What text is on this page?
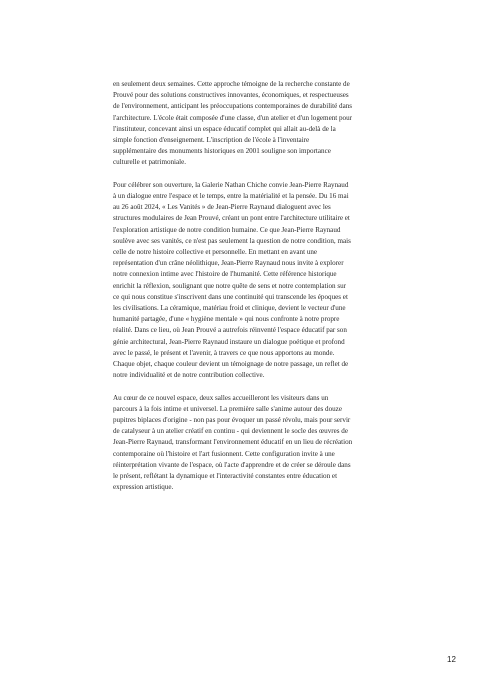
en seulement deux semaines. Cette approche témoigne de la recherche constante de Prouvé pour des solutions constructives innovantes, économiques, et respectueuses de l'environnement, anticipant les préoccupations contemporaines de durabilité dans l'architecture. L'école était composée d'une classe, d'un atelier et d'un logement pour l'instituteur, concevant ainsi un espace éducatif complet qui allait au-delà de la simple fonction d'enseignement. L'inscription de l'école à l'inventaire supplémentaire des monuments historiques en 2001 souligne son importance culturelle et patrimoniale.

Pour célébrer son ouverture, la Galerie Nathan Chiche convie Jean-Pierre Raynaud à un dialogue entre l'espace et le temps, entre la matérialité et la pensée. Du 16 mai au 26 août 2024, « Les Vanités » de Jean-Pierre Raynaud dialoguent avec les structures modulaires de Jean Prouvé, créant un pont entre l'architecture utilitaire et l'exploration artistique de notre condition humaine. Ce que Jean-Pierre Raynaud soulève avec ses vanités, ce n'est pas seulement la question de notre condition, mais celle de notre histoire collective et personnelle. En mettant en avant une représentation d'un crâne néolithique, Jean-Pierre Raynaud nous invite à explorer notre connexion intime avec l'histoire de l'humanité. Cette référence historique enrichit la réflexion, soulignant que notre quête de sens et notre contemplation sur ce qui nous constitue s'inscrivent dans une continuité qui transcende les époques et les civilisations. La céramique, matériau froid et clinique, devient le vecteur d'une humanité partagée, d'une « hygiène mentale » qui nous confronte à notre propre réalité. Dans ce lieu, où Jean Prouvé a autrefois réinventé l'espace éducatif par son génie architectural, Jean-Pierre Raynaud instaure un dialogue poétique et profond avec le passé, le présent et l'avenir, à travers ce que nous apportons au monde. Chaque objet, chaque couleur devient un témoignage de notre passage, un reflet de notre individualité et de notre contribution collective.

Au cœur de ce nouvel espace, deux salles accueilleront les visiteurs dans un parcours à la fois intime et universel. La première salle s'anime autour des douze pupitres biplaces d'origine - non pas pour évoquer un passé révolu, mais pour servir de catalyseur à un atelier créatif en continu - qui deviennent le socle des œuvres de Jean-Pierre Raynaud, transformant l'environnement éducatif en un lieu de récréation contemporaine où l'histoire et l'art fusionnent. Cette configuration invite à une réinterprétation vivante de l'espace, où l'acte d'apprendre et de créer se déroule dans le présent, reflétant la dynamique et l'interactivité constantes entre éducation et expression artistique.

12
